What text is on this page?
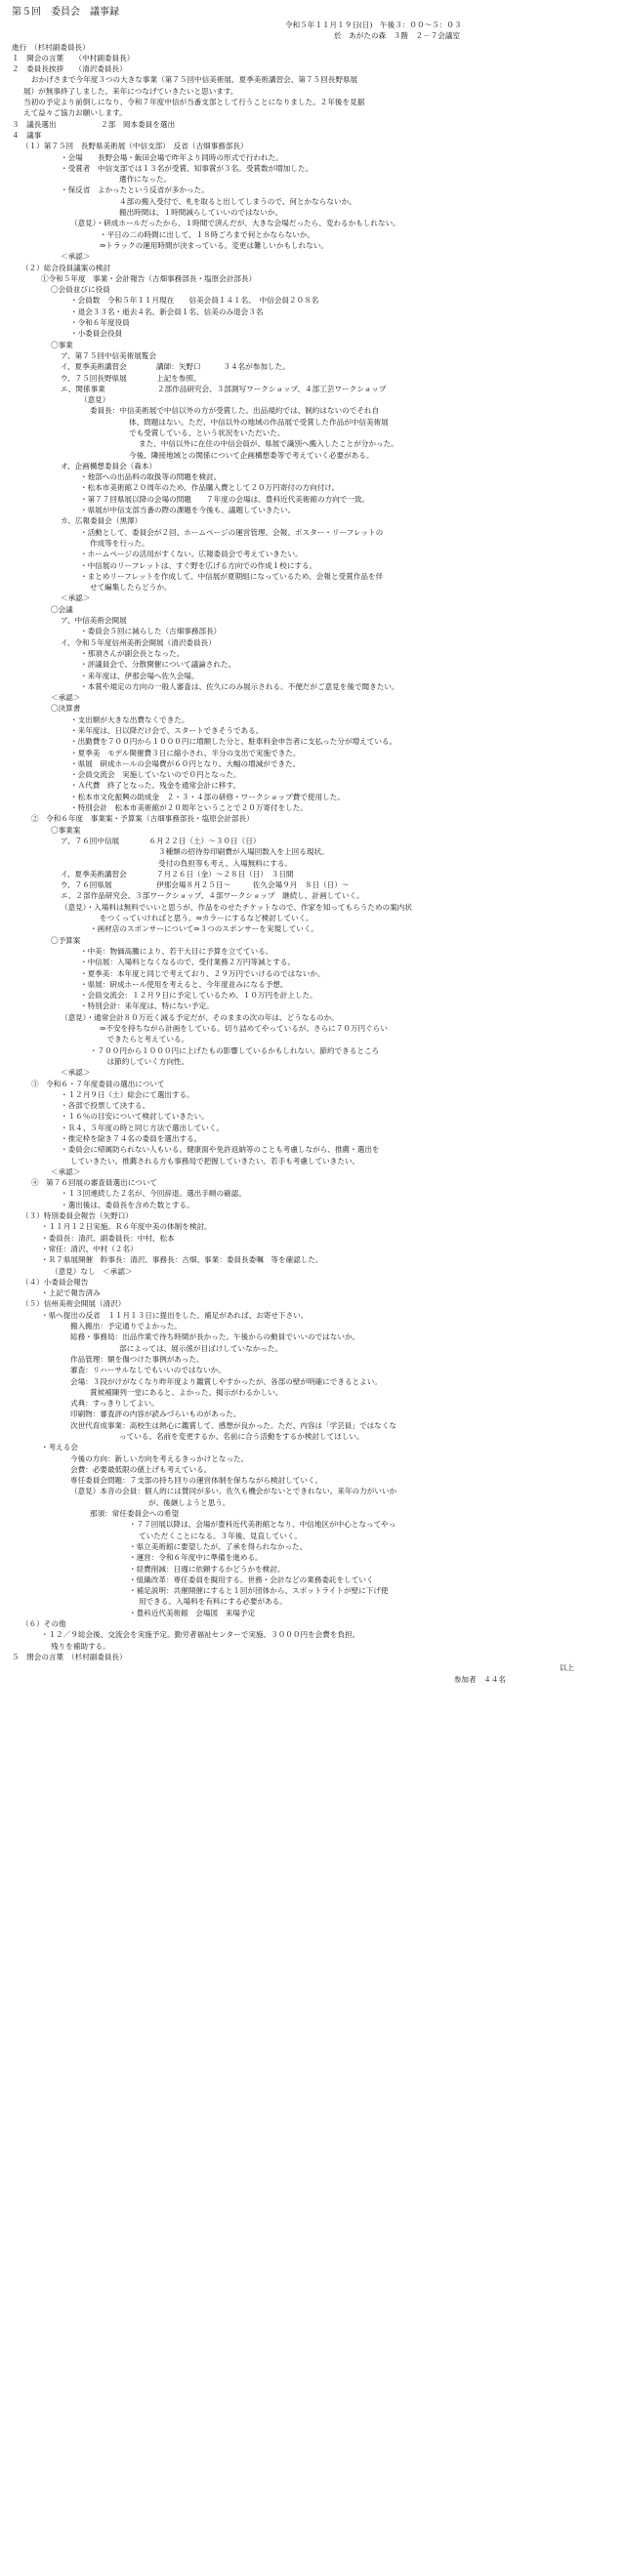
第５回　委員会　議事録
令和５年１１月１９日(日)　午後３：００〜５：０３
於　あがたの森　３階　２－７会議室
進行　（杉村副委員長）
１　開会の言葉　　（中村副委員長）
２　委員長挨拶　　（清沢委員長）
おかげさまで今年度３つの大きな事業（第７５回中信美術展、夏季美術講習会、第７５回長野県展
展）が無事終了しました。来年につなげていきたいと思います。
当初の予定より前倒しになり、令和７年度中信が当番支部として行うことになりました。２年後を見据
えて益々ご協力お願いします。
３　議長選出　　　　　　２部　岡本委員を選出
４　議事
（１）第７５回　長野県美術展（中信支部）　反省（古畑事務部長）
・会場　　長野会場・飯田会場で昨年より同時の形式で行われた。
・受賞者　中信支部では１３名が受賞、知事賞が３名。受賞数が増加した。
遺作になった。
・保反省　よかったという反省が多かった。
４部の搬入受付で、札を取ると出してしまうので、何とかならないか。
搬出時間は、１時間減らしていいのではないか。
（意見）・研成ホールだったから、１時間で済んだが、大きな会場だったら、変わるかもしれない。
・平日の二の時間に出して、１８時ごろまで何とかならないか。
⇒トラックの運用時間が決まっている。変更は難しいかもしれない。
＜承認＞
（２）総合役員議案の検討
①令和５年度　事業・会計報告（古畑事務部長・塩原会計部長）
〇会員並びに役員
・会員数　令和５年１１月現在　　信美会員１４１名、　中信会員２０８名
・退会３３名・逝去４名、新会員１名、信美のみ退会３名
・令和６年度役員
・小委員会役員
〇事業
ア、第７５回中信美術展覧会
イ、夏季美術講習会　　　　講師：矢野口　　　３４名が参加した。
ウ、７５回長野県展　　　　上記を参照。
エ、関係事業　　　　　　　２部作品研究会、３部測写ワークショップ、４部工芸ワークショップ
（意見）
委員長：中信美術展で中信以外の方が受賞した。出品規約では、制約はないのでそれ自
体、問題はない。ただ、中信以外の地域の作品展で受賞した作品が中信美術展
でも受賞している、という状況をいただいた。
また、中信以外に在住の中信会員が、県展で識別へ搬入したことが分かった。
今後、隣接地域との関係について企画構想委等で考えていく必要がある。
オ、企画構想委員会（森本）
・他部への出品料の取扱等の問題を検討。
・松本市美術館２０周年のため、作品購入費として２０万円寄付の方向付け。
・第７７回県展以降の会場の問題　　７年度の会場は、豊科近代美術館の方向で一致。
・県展が中信支部当番の際の課題を今後も、議題していきたい。
カ、広報委員会（黒澤）
・活動として、委員会が２回、ホームページの運営管理、会報、ポスター・リーフレットの
作成等を行った。
・ホームページの活用がすくない。広報委員会で考えていきたい。
・中信展のリーフレットは、すぐ野を広げる方向での作成１校にする。
・まとめリーフレットを作成して、中信展が夏期組になっているため、会報と受賞作品を伴
せて編集したらどうか。
＜承認＞
〇会議
ア、中信美術会開展
・委員会５回に減らした（古畑事務部長）
イ、令和５年度信州美術会開展（清沢委員長）
・那須さんが副会長となった。
・評議員会で、分散開催について議論された。
・来年度は、伊那会場へ佐久会場。
・本賞や規定の方向の一般人審査は、佐久にのみ展示される。不便だがご意見を後で聞きたい。
＜承認＞
〇決算書
・支出額が大きな出費なくできた。
・来年度は、日以降だけ会で、スタートできそうである。
・出勤費を７００円から１０００円に増額した分と、駐車料金申告者に支払った分が増えている。
・夏季美　モデル開催費３日に縮小され、半分の支出で実施できた。
・県展　研成ホールの会場費が６０円となり、大幅の増減ができた。
・会員交流会　実施していないので０円となった。
・Ａ代費　終了となった。残金を通常会計に移す。
・松本市文化振興の助成金　２・３・４部の研修・ワークショップ費で使用した。
・特別会計　松本市美術館が２０周年ということで２０万寄付をした。
②　令和６年度　事業案・予算案（古畑事務部長・塩原会計部長）
〇事業案
ア、７６回中信展　　　　６月２２日（土）〜３０日（日）
３種類の招待券印刷費が入場回数入を上回る現状。
受付の負担等も考え、入場無料にする。
イ、夏季美術講習会　　　　７月２６日（金）〜２８日（日）　３日間
ウ、７６回県展　　　　　　伊那会場８月２５日〜　　　佐久会場９月　８日（日）〜
エ、２部作品研究会、３部ワークショップ、４部ワークショップ　継続し、計画していく。
（意見）・入場料は無料でいいと思うが、作品をのせたチケットなので、作家を知ってもらうための案内状
をつくっていければと思う。⇒カラーにするなど検討していく。
・画材店のスポンサーについて⇒３つのスポンサーを実現していく。
〇予算案
・中美：物価高騰により、若干大目に予算を立てている。
・中信展：入場料となくなるので、受付業務２万円等減とする。
・夏季美：本年度と同じで考えており、２９万円でいけるのではないか。
・県展：研成ホール使用を考えると、今年度並みになる予想。
・会員交流会：１２月９日に予定しているため、１０万円を計上した。
・特別会計：来年度は、特にない予定。
（意見）・通常会計８０万近く減る予定だが、そのままの次の年は、どうなるのか。
⇒不安を持ちながら計画をしている。切り詰めてやっているが、さらに７０万円ぐらい
　できたらと考えている。
・７００円から１０００円に上げたもの影響しているかもしれない。節約できるところ
　は節約していく方向性。
＜承認＞
③　令和６・７年度委員の選出について
・１２月９日（土）総会にて選出する。
・各部で投票して決する。
・１６％の目安について検討していきたい。
・Ｒ４、５年度の時と同じ方法で選出していく。
・推定枠を除き７４名の委員を選出する。
・委員会に帰属防られない人もいる。健康面や免許返納等のことも考慮しながら、推薦・選出を
していきたい。推薦される方も事務局で把握していきたい。若手も考慮していきたい。
＜承認＞
④　第７６回展の審査員選出について
・１３回連続した２名が、今回辞退。選出手順の確認。
・選出後は、委員長を含めた数とする。
（３）特別委員会報告（矢野口）
・１１月１２日実施。Ｒ６年度中美の体制を検討。
・委員長：清沢、副委員長：中村、松本
・常任：清沢、中村（２名）
・Ｒ７県展開催　幹事長：清沢、事務長：古畑、事業：委員長委嘱　等を確認した。
（意見）なし　＜承認＞
（４）小委員会報告
・上記で報告済み
（５）信州美術会開展（清沢）
・県へ提出の反省　１１月１３日に提出をした。補足があれば、お寄せ下さい。
搬入搬出：予定通りでよかった。
総務・事務局：出品作業で待ち時間が長かった。午後からの動員でいいのではないか。
部によっては、展示係が目ばけしていなかった。
作品管理：額を傷つけた事例があった。
審査：リハーサルなしでもいいのではないか。
会場：３段がけがなくなり昨年度より鑑賞しやすかったが、各部の壁が明確にできるとよい。
賞候補陳列一堂にあると、よかった。掲示がわるかしい。
式典：すっきりしてよい。
印刷物：審査評の内容が読みづらいものがあった。
次世代育成事業：高校生は熱心に鑑賞して、感想が良かった。ただ、内容は「学芸員」ではなくな
っている。名前を変更するか、名前に合う活動をするか検討してほしい。
・考える会
今後の方向：新しい方向を考えるきっかけとなった。
会費：必要最低限の値上げも考えている。
専任委員会問題：７支部の持ち回りの運営体制を保ちながら検討していく。
（意見）本音の会員：個人的には賛同が多い。佐久も機会がないとできれない。来年の力がいいか
が、後継しようと思う。
那須：常任委員会への希望
・７７回展以降は、会場が豊科近代美術館となり、中信地区が中心となってやっ
ていただくことになる。３年後、見直していく。
・県立美術館に要望したが、了承を得られなかった。
・運営：令和６年度中に準備を進める。
・経費削減：日週に依頼するかどうかを検討。
・組織改革：専任委員を擬用する。世務・会計などの業務委託をしていく
・補足説明：共催開催にすると１回が団体から、スポットライトが壁に下げ使
用できる。入場料を有料にする必要がある。
・豊科近代美術館　会場図　来場予定
（６）その他
・１２／９総会後、交流会を実施予定。勤労者福祉センターで実施、３０００円を会費を負担。
残りを補助する。
５　閉会の言葉　（杉村副委員長）
以上
参加者　４４名
